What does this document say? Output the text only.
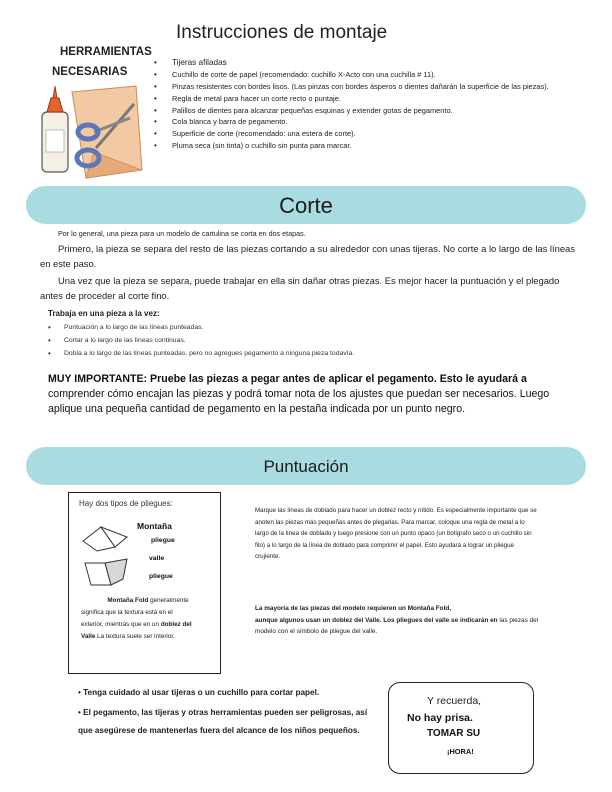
Instrucciones de montaje
HERRAMIENTAS
NECESARIAS
• Tijeras afiladas
• Cuchillo de corte de papel (recomendado: cuchillo X-Acto con una cuchilla # 11).
• Pinzas resistentes con bordes lisos. (Las pinzas con bordes ásperos o dientes dañarán la superficie de las piezas).
• Regla de metal para hacer un corte recto o puntaje.
• Palillos de dientes para alcanzar pequeñas esquinas y extender gotas de pegamento.
• Cola blanca y barra de pegamento.
• Superficie de corte (recomendado: una estera de corte).
• Pluma seca (sin tinta) o cuchillo sin punta para marcar.
Corte

Por lo general, una pieza para un modelo de cartulina se corta en dos etapas.

Primero, la pieza se separa del resto de las piezas cortando a su alrededor con unas tijeras. No corte a lo largo de las líneas en este paso.

Una vez que la pieza se separa, puede trabajar en ella sin dañar otras piezas. Es mejor hacer la puntuación y el plegado antes de proceder al corte fino.

Trabaja en una pieza a la vez:
• Puntuación a lo largo de las líneas punteadas.
• Cortar a lo largo de las líneas continuas.
• Dobla a lo largo de las líneas punteadas, pero no agregues pegamento a ninguna pieza todavía.
MUY IMPORTANTE: Pruebe las piezas a pegar antes de aplicar el pegamento. Esto le ayudará a comprender cómo encajan las piezas y podrá tomar nota de los ajustes que puedan ser necesarios. Luego aplique una pequeña cantidad de pegamento en la pestaña indicada por un punto negro.
Puntuación
Hay dos tipos de pliegues:
Montaña
pliegue
valle
pliegue
Montaña Fold generalmente
significa que la textura está en el
exterior, mientras que en un doblez del
Valle La textura suele ser interior.

Marque las líneas de doblado para hacer un doblez recto y nítido. Es especialmente importante que se anoten las piezas más pequeñas antes de plegarlas. Para marcar, coloque una regla de metal a lo largo de la línea de doblado y luego presione con un punto opaco (un bolígrafo seco o un cuchillo sin filo) a lo largo de la línea de doblado para comprimir el papel. Esto ayudará a lograr un pliegue crujiente.

La mayoría de las piezas del modelo requieren un Montaña Fold,
aunque algunos usan un doblez del Valle. Los pliegues del valle se indicarán en las piezas del modelo con el símbolo de pliegue del valle.

• Tenga cuidado al usar tijeras o un cuchillo para cortar papel.

• El pegamento, las tijeras y otras herramientas pueden ser peligrosas, así que asegúrese de mantenerlas fuera del alcance de los niños pequeños.

Y recuerda,
No hay prisa.
TOMAR SU
¡HORA!
